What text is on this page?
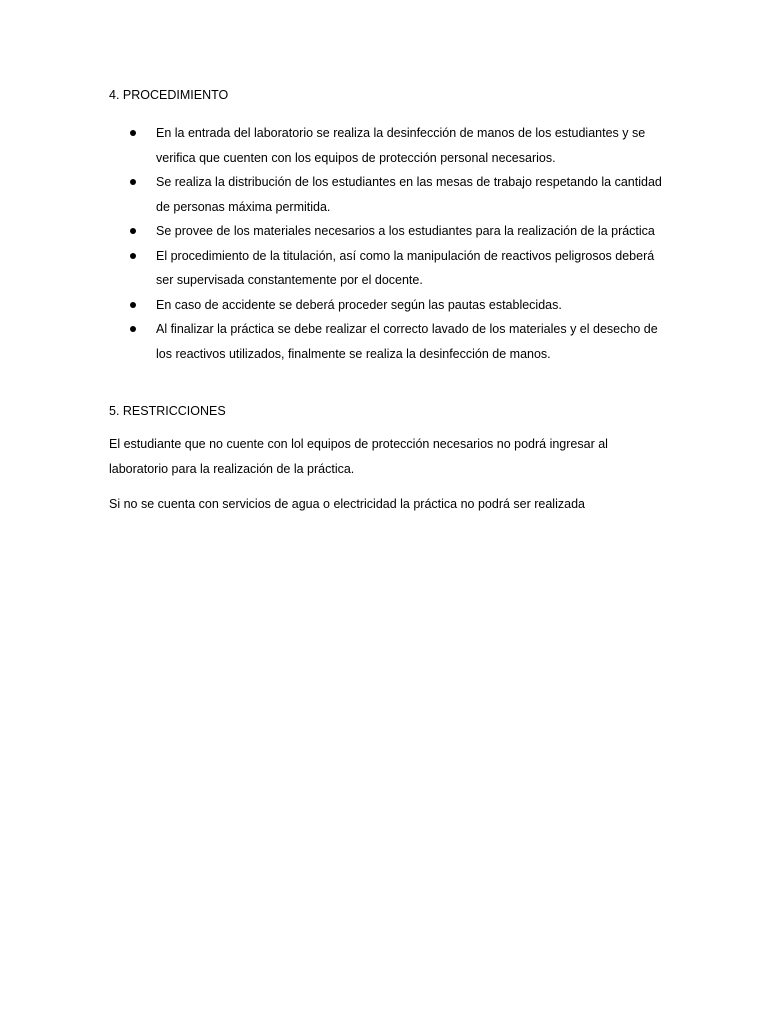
4. PROCEDIMIENTO
En la entrada del laboratorio se realiza la desinfección de manos de los estudiantes y se verifica que cuenten con los equipos de protección personal necesarios.
Se realiza la distribución de los estudiantes en las mesas de trabajo respetando la cantidad de personas máxima permitida.
Se provee de los materiales necesarios a los estudiantes para la realización de la práctica
El procedimiento de la titulación, así como la manipulación de reactivos peligrosos deberá ser supervisada constantemente por el docente.
En caso de accidente se deberá proceder según las pautas establecidas.
Al finalizar la práctica se debe realizar el correcto lavado de los materiales y el desecho de los reactivos utilizados, finalmente se realiza la desinfección de manos.
5. RESTRICCIONES

El estudiante que no cuente con lol equipos de protección necesarios no podrá ingresar al laboratorio para la realización de la práctica.

Si no se cuenta con servicios de agua o electricidad la práctica no podrá ser realizada
